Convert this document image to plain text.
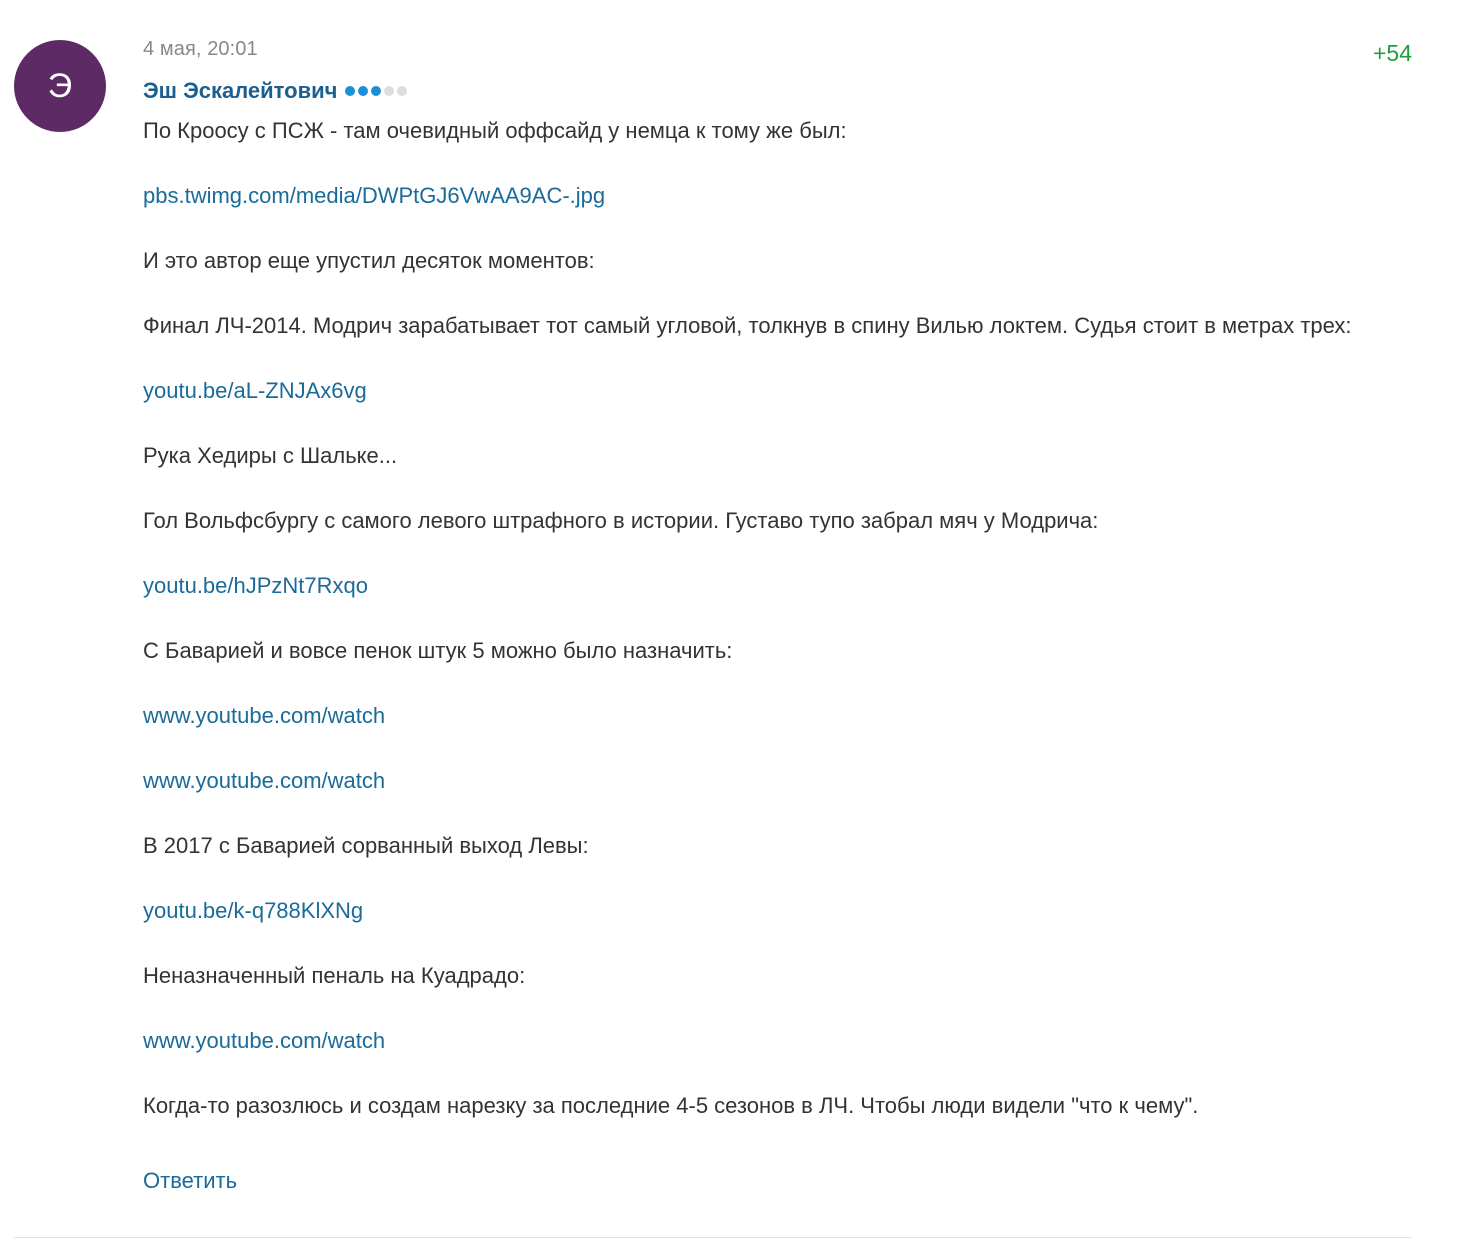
Э
4 мая, 20:01	+54
Эш Эскалейтович
По Кроосу с ПСЖ - там очевидный оффсайд у немца к тому же был:
pbs.twimg.com/media/DWPtGJ6VwAA9AC-.jpg
И это автор еще упустил десяток моментов:
Финал ЛЧ-2014. Модрич зарабатывает тот самый угловой, толкнув в спину Вилью локтем. Судья стоит в метрах трех:
youtu.be/aL-ZNJAx6vg
Рука Хедиры с Шальке...
Гол Вольфсбургу с самого левого штрафного в истории. Густаво тупо забрал мяч у Модрича:
youtu.be/hJPzNt7Rxqo
С Баварией и вовсе пенок штук 5 можно было назначить:
www.youtube.com/watch
www.youtube.com/watch
В 2017 с Баварией сорванный выход Левы:
youtu.be/k-q788KlXNg
Неназначенный пеналь на Куадрадо:
www.youtube.com/watch
Когда-то разозлюсь и создам нарезку за последние 4-5 сезонов в ЛЧ. Чтобы люди видели "что к чему".
Ответить
